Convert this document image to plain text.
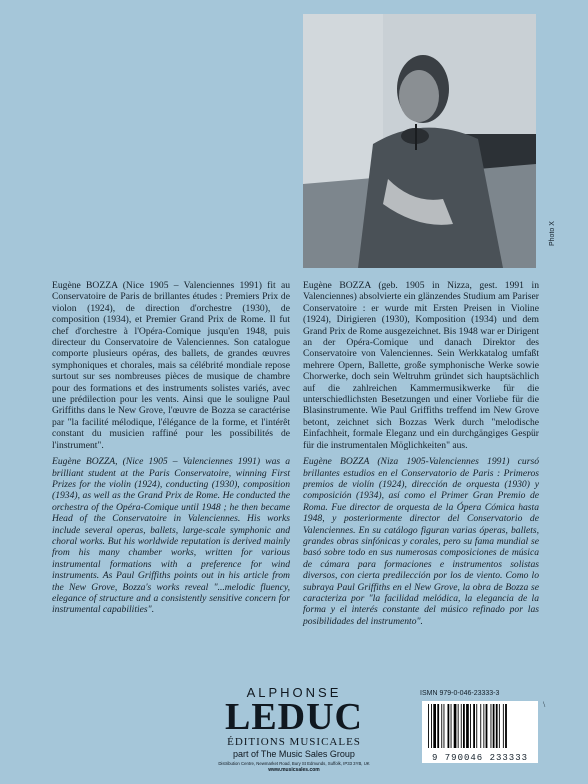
Photo X

Eugène BOZZA (Nice 1905 – Valenciennes 1991) fit au Conservatoire de Paris de brillantes études : Premiers Prix de violon (1924), de direction d'orchestre (1930), de composition (1934), et Premier Grand Prix de Rome. Il fut chef d'orchestre à l'Opéra-Comique jusqu'en 1948, puis directeur du Conservatoire de Valenciennes. Son catalogue comporte plusieurs opéras, des ballets, de grandes œuvres symphoniques et chorales, mais sa célébrité mondiale repose surtout sur ses nombreuses pièces de musique de chambre pour des formations et des instruments solistes variés, avec une prédilection pour les vents. Ainsi que le souligne Paul Griffiths dans le New Grove, l'œuvre de Bozza se caractérise par "la facilité mélodique, l'élégance de la forme, et l'intérêt constant du musicien raffiné pour les possibilités de l'instrument".

Eugène BOZZA, (Nice 1905 – Valenciennes 1991) was a brilliant student at the Paris Conservatoire, winning First Prizes for the violin (1924), conducting (1930), composition (1934), as well as the Grand Prix de Rome. He conducted the orchestra of the Opéra-Comique until 1948 ; he then became Head of the Conservatoire in Valenciennes. His works include several operas, ballets, large-scale symphonic and choral works. But his worldwide reputation is derived mainly from his many chamber works, written for various instrumental formations with a preference for wind instruments. As Paul Griffiths points out in his article from the New Grove, Bozza's works reveal "...melodic fluency, elegance of structure and a consistently sensitive concern for instrumental capabilities".

Eugène BOZZA (geb. 1905 in Nizza, gest. 1991 in Valenciennes) absolvierte ein glänzendes Studium am Pariser Conservatoire : er wurde mit Ersten Preisen in Violine (1924), Dirigieren (1930), Komposition (1934) und dem Grand Prix de Rome ausgezeichnet. Bis 1948 war er Dirigent an der Opéra-Comique und danach Direktor des Conservatoire von Valenciennes. Sein Werkkatalog umfaßt mehrere Opern, Ballette, große symphonische Werke sowie Chorwerke, doch sein Weltruhm gründet sich hauptsächlich auf die zahlreichen Kammermusikwerke für die unterschiedlichsten Besetzungen und einer Vorliebe für die Blasinstrumente. Wie Paul Griffiths treffend im New Grove betont, zeichnet sich Bozzas Werk durch "melodische Einfachheit, formale Eleganz und ein durchgängiges Gespür für die instrumentalen Möglichkeiten" aus.

Eugène BOZZA (Niza 1905-Valenciennes 1991) cursó brillantes estudios en el Conservatorio de Paris : Primeros premios de violín (1924), dirección de orquesta (1930) y composición (1934), así como el Primer Gran Premio de Roma. Fue director de orquesta de la Ópera Cómica hasta 1948, y posteriormente director del Conservatorio de Valenciennes. En su catálogo figuran varias óperas, ballets, grandes obras sinfónicas y corales, pero su fama mundial se basó sobre todo en sus numerosas composiciones de música de cámara para formaciones e instrumentos solistas diversos, con cierta predilección por los de viento. Como lo subraya Paul Griffiths en el New Grove, la obra de Bozza se caracteriza por "la facilidad melódica, la elegancia de la forma y el interés constante del músico refinado por las posibilidades del instrumento".

ALPHONSE
LEDUC
ÉDITIONS MUSICALES
part of The Music Sales Group
Distribution Centre, Newmarket Road, Bury St Edmunds, Suffolk, IP33 3YB, UK
www.musicsales.com
ISMN 979-0-046-23333-3
9 790046 233333
\
